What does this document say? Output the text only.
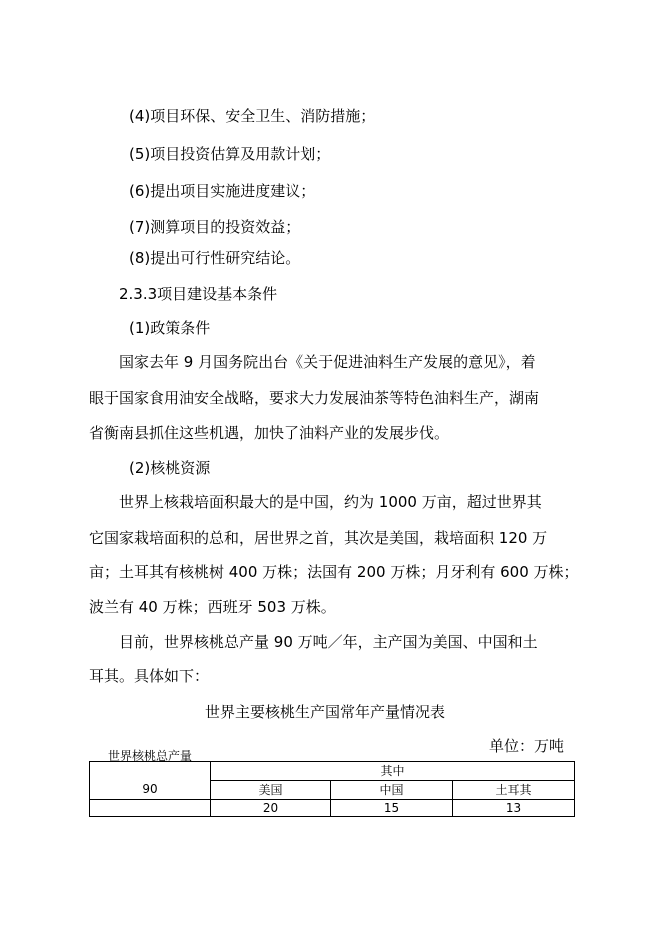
(4)项目环保、安全卫生、消防措施；
(5)项目投资估算及用款计划；
(6)提出项目实施进度建议；
(7)测算项目的投资效益；
(8)提出可行性研究结论。
2.3.3项目建设基本条件
(1)政策条件
国家去年 9 月国务院出台《关于促进油料生产发展的意见》，着
眼于国家食用油安全战略，要求大力发展油茶等特色油料生产，湖南
省衡南县抓住这些机遇，加快了油料产业的发展步伐。
(2)核桃资源
世界上核栽培面积最大的是中国，约为 1000 万亩，超过世界其
它国家栽培面积的总和，居世界之首，其次是美国，栽培面积 120 万
亩；土耳其有核桃树 400 万株；法国有 200 万株；月牙利有 600 万株；
波兰有 40 万株；西班牙 503 万株。
目前，世界核桃总产量 90 万吨／年，主产国为美国、中国和土
耳其。具体如下：
世界主要核桃生产国常年产量情况表
单位：万吨
世界核桃总产量
90	其中		
	美国	中国	土耳其
	20	15	13
